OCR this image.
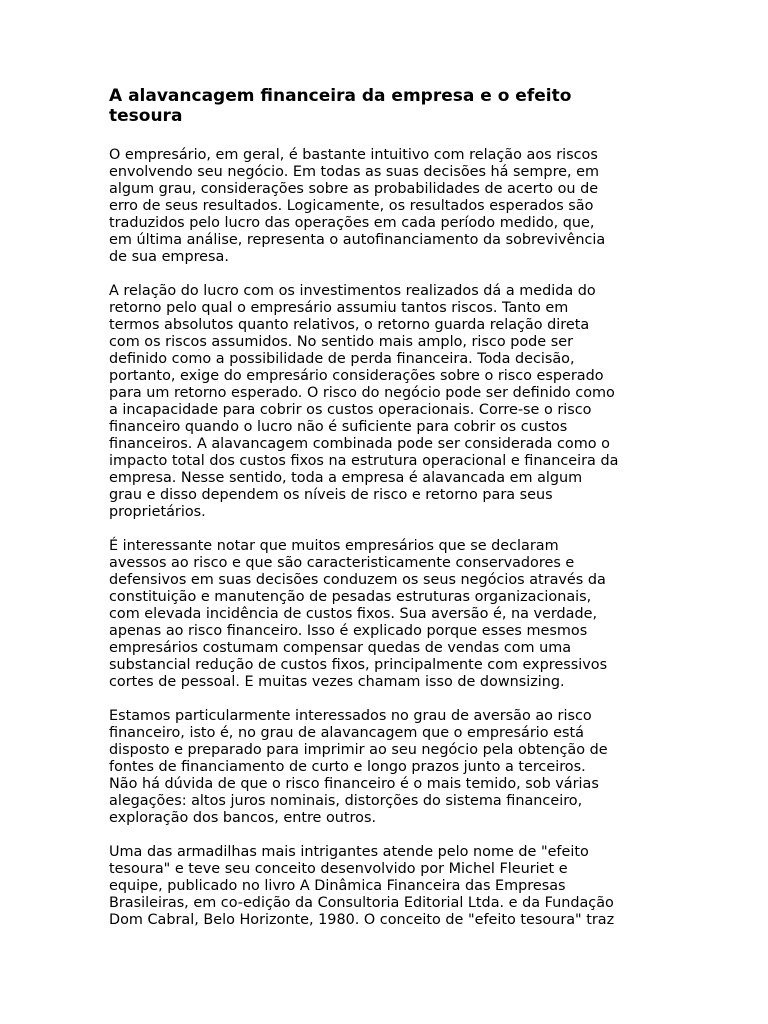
A alavancagem financeira da empresa e o efeito
tesoura

O empresário, em geral, é bastante intuitivo com relação aos riscos
envolvendo seu negócio. Em todas as suas decisões há sempre, em
algum grau, considerações sobre as probabilidades de acerto ou de
erro de seus resultados. Logicamente, os resultados esperados são
traduzidos pelo lucro das operações em cada período medido, que,
em última análise, representa o autofinanciamento da sobrevivência
de sua empresa.

A relação do lucro com os investimentos realizados dá a medida do
retorno pelo qual o empresário assumiu tantos riscos. Tanto em
termos absolutos quanto relativos, o retorno guarda relação direta
com os riscos assumidos. No sentido mais amplo, risco pode ser
definido como a possibilidade de perda financeira. Toda decisão,
portanto, exige do empresário considerações sobre o risco esperado
para um retorno esperado. O risco do negócio pode ser definido como
a incapacidade para cobrir os custos operacionais. Corre-se o risco
financeiro quando o lucro não é suficiente para cobrir os custos
financeiros. A alavancagem combinada pode ser considerada como o
impacto total dos custos fixos na estrutura operacional e financeira da
empresa. Nesse sentido, toda a empresa é alavancada em algum
grau e disso dependem os níveis de risco e retorno para seus
proprietários.

É interessante notar que muitos empresários que se declaram
avessos ao risco e que são caracteristicamente conservadores e
defensivos em suas decisões conduzem os seus negócios através da
constituição e manutenção de pesadas estruturas organizacionais,
com elevada incidência de custos fixos. Sua aversão é, na verdade,
apenas ao risco financeiro. Isso é explicado porque esses mesmos
empresários costumam compensar quedas de vendas com uma
substancial redução de custos fixos, principalmente com expressivos
cortes de pessoal. E muitas vezes chamam isso de downsizing.

Estamos particularmente interessados no grau de aversão ao risco
financeiro, isto é, no grau de alavancagem que o empresário está
disposto e preparado para imprimir ao seu negócio pela obtenção de
fontes de financiamento de curto e longo prazos junto a terceiros.
Não há dúvida de que o risco financeiro é o mais temido, sob várias
alegações: altos juros nominais, distorções do sistema financeiro,
exploração dos bancos, entre outros.

Uma das armadilhas mais intrigantes atende pelo nome de "efeito
tesoura" e teve seu conceito desenvolvido por Michel Fleuriet e
equipe, publicado no livro A Dinâmica Financeira das Empresas
Brasileiras, em co-edição da Consultoria Editorial Ltda. e da Fundação
Dom Cabral, Belo Horizonte, 1980. O conceito de "efeito tesoura" traz
